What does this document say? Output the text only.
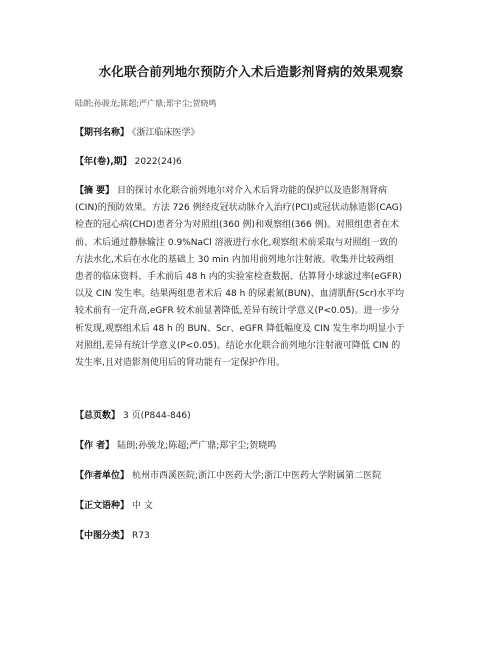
水化联合前列地尔预防介入术后造影剂肾病的效果观察
陆朗;孙骏龙;陈超;严广鼎;郑宇尘;贺晓鸣
【期刊名称】 《浙江临床医学》
【年(卷),期】 2022(24)6
【摘 要】 目的探讨水化联合前列地尔对介入术后肾功能的保护以及造影剂肾病
(CIN)的预防效果。方法 726 例经皮冠状动脉介入治疗(PCI)或冠状动脉造影(CAG)
检查的冠心病(CHD)患者分为对照组(360 例)和观察组(366 例)。对照组患者在术
前、术后通过静脉输注 0.9%NaCl 溶液进行水化,观察组术前采取与对照组一致的
方法水化,术后在水化的基础上 30 min 内加用前列地尔注射液。收集并比较两组
患者的临床资料、手术前后 48 h 内的实验室检查数据、估算肾小球滤过率(eGFR)
以及 CIN 发生率。结果两组患者术后 48 h 的尿素氮(BUN)、血清肌酐(Scr)水平均
较术前有一定升高,eGFR 较术前显著降低,差异有统计学意义(P<0.05)。进一步分
析发现,观察组术后 48 h 的 BUN、Scr、eGFR 降低幅度及 CIN 发生率均明显小于
对照组,差异有统计学意义(P<0.05)。结论水化联合前列地尔注射液可降低 CIN 的
发生率,且对造影剂使用后的肾功能有一定保护作用。
【总页数】 3 页(P844-846)
【作 者】 陆朗;孙骏龙;陈超;严广鼎;郑宇尘;贺晓鸣
【作者单位】 杭州市西溪医院;浙江中医药大学;浙江中医药大学附属第二医院
【正文语种】 中 文
【中图分类】 R73
